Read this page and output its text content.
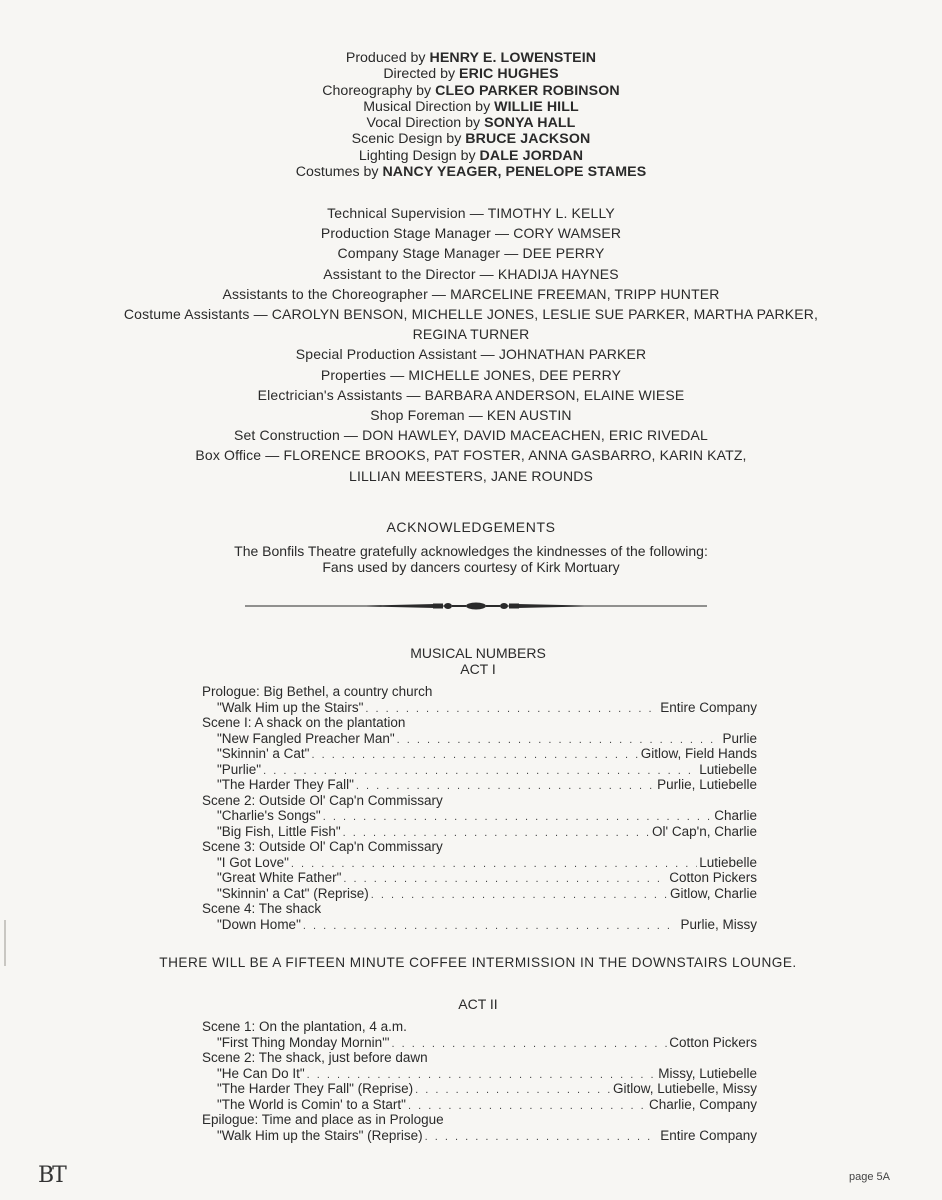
Produced by HENRY E. LOWENSTEIN
Directed by ERIC HUGHES
Choreography by CLEO PARKER ROBINSON
Musical Direction by WILLIE HILL
Vocal Direction by SONYA HALL
Scenic Design by BRUCE JACKSON
Lighting Design by DALE JORDAN
Costumes by NANCY YEAGER, PENELOPE STAMES
Technical Supervision — TIMOTHY L. KELLY
Production Stage Manager — CORY WAMSER
Company Stage Manager — DEE PERRY
Assistant to the Director — KHADIJA HAYNES
Assistants to the Choreographer — MARCELINE FREEMAN, TRIPP HUNTER
Costume Assistants — CAROLYN BENSON, MICHELLE JONES, LESLIE SUE PARKER, MARTHA PARKER,
REGINA TURNER
Special Production Assistant — JOHNATHAN PARKER
Properties — MICHELLE JONES, DEE PERRY
Electrician's Assistants — BARBARA ANDERSON, ELAINE WIESE
Shop Foreman — KEN AUSTIN
Set Construction — DON HAWLEY, DAVID MACEACHEN, ERIC RIVEDAL
Box Office — FLORENCE BROOKS, PAT FOSTER, ANNA GASBARRO, KARIN KATZ,
LILLIAN MEESTERS, JANE ROUNDS
ACKNOWLEDGEMENTS
The Bonfils Theatre gratefully acknowledges the kindnesses of the following:
Fans used by dancers courtesy of Kirk Mortuary
MUSICAL NUMBERS
ACT I
Prologue: Big Bethel, a country church
"Walk Him up the Stairs" . . .	Entire Company
Scene I: A shack on the plantation
"New Fangled Preacher Man" . . .	Purlie
"Skinnin' a Cat" . . .	Gitlow, Field Hands
"Purlie" . . .	Lutiebelle
"The Harder They Fall" . . .	Purlie, Lutiebelle
Scene 2: Outside Ol' Cap'n Commissary
"Charlie's Songs" . . .	Charlie
"Big Fish, Little Fish" . . .	Ol' Cap'n, Charlie
Scene 3: Outside Ol' Cap'n Commissary
"I Got Love" . . .	Lutiebelle
"Great White Father" . . .	Cotton Pickers
"Skinnin' a Cat" (Reprise) . . .	Gitlow, Charlie
Scene 4: The shack
"Down Home" . . .	Purlie, Missy
THERE WILL BE A FIFTEEN MINUTE COFFEE INTERMISSION IN THE DOWNSTAIRS LOUNGE.
ACT II
Scene 1: On the plantation, 4 a.m.
"First Thing Monday Mornin'" . . .	Cotton Pickers
Scene 2: The shack, just before dawn
"He Can Do It" . . .	Missy, Lutiebelle
"The Harder They Fall" (Reprise) . . .	Gitlow, Lutiebelle, Missy
"The World is Comin' to a Start" . . .	Charlie, Company
Epilogue: Time and place as in Prologue
"Walk Him up the Stairs" (Reprise) . . .	Entire Company
BT	page 5A
